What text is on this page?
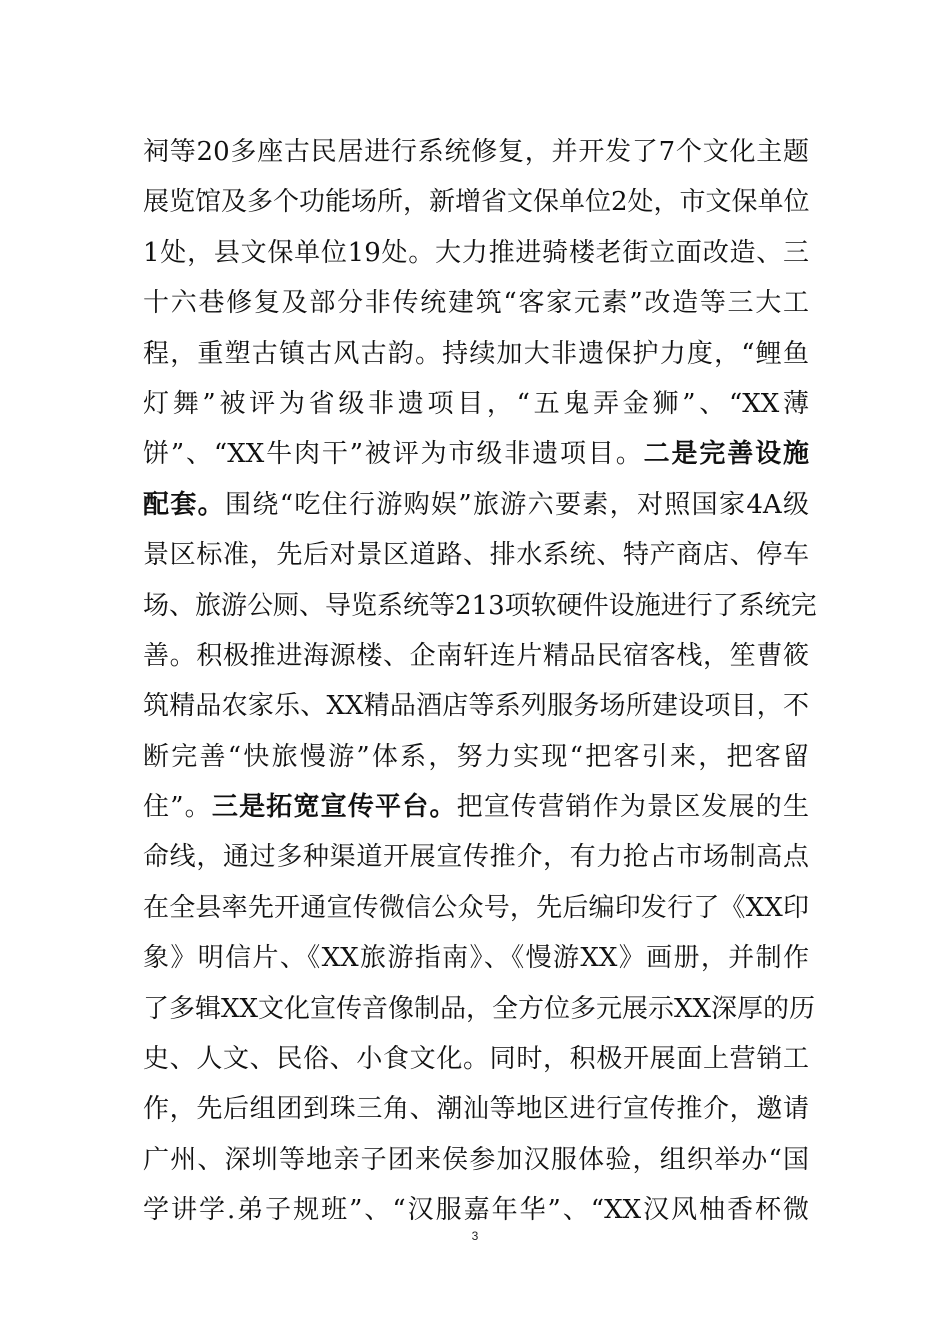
祠等20多座古民居进行系统修复，并开发了7个文化主题
展览馆及多个功能场所，新增省文保单位2处，市文保单位
1处，县文保单位19处。大力推进骑楼老街立面改造、三
十六巷修复及部分非传统建筑“客家元素”改造等三大工
程，重塑古镇古风古韵。持续加大非遗保护力度，“鲤鱼
灯舞”被评为省级非遗项目，“五鬼弄金狮”、“XX薄
饼”、“XX牛肉干”被评为市级非遗项目。二是完善设施
配套。围绕“吃住行游购娱”旅游六要素，对照国家4A级
景区标准，先后对景区道路、排水系统、特产商店、停车
场、旅游公厕、导览系统等213项软硬件设施进行了系统完
善。积极推进海源楼、企南轩连片精品民宿客栈，笙曹筱
筑精品农家乐、XX精品酒店等系列服务场所建设项目，不
断完善“快旅慢游”体系，努力实现“把客引来，把客留
住”。三是拓宽宣传平台。把宣传营销作为景区发展的生
命线，通过多种渠道开展宣传推介，有力抢占市场制高点
在全县率先开通宣传微信公众号，先后编印发行了《XX印
象》明信片、《XX旅游指南》、《慢游XX》画册，并制作
了多辑XX文化宣传音像制品，全方位多元展示XX深厚的历
史、人文、民俗、小食文化。同时，积极开展面上营销工
作，先后组团到珠三角、潮汕等地区进行宣传推介，邀请
广州、深圳等地亲子团来侯参加汉服体验，组织举办“国
学讲学.弟子规班”、“汉服嘉年华”、“XX汉风柚香杯微
3
